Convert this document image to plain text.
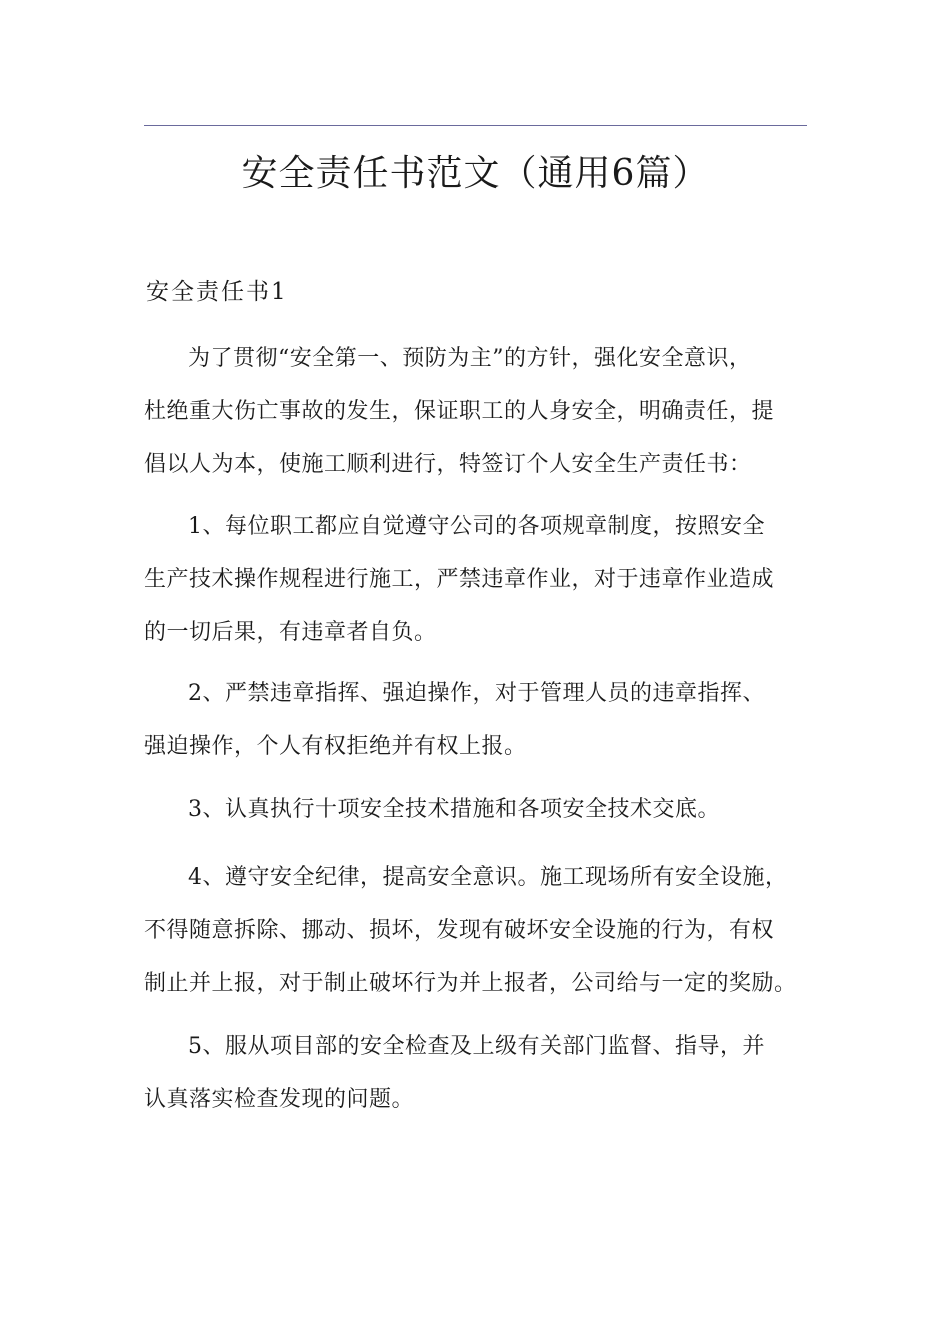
安全责任书范文（通用6篇）
安全责任书1
为了贯彻“安全第一、预防为主”的方针，强化安全意识，
杜绝重大伤亡事故的发生，保证职工的人身安全，明确责任，提
倡以人为本，使施工顺利进行，特签订个人安全生产责任书：
1、每位职工都应自觉遵守公司的各项规章制度，按照安全
生产技术操作规程进行施工，严禁违章作业，对于违章作业造成
的一切后果，有违章者自负。
2、严禁违章指挥、强迫操作，对于管理人员的违章指挥、
强迫操作，个人有权拒绝并有权上报。
3、认真执行十项安全技术措施和各项安全技术交底。
4、遵守安全纪律，提高安全意识。施工现场所有安全设施，
不得随意拆除、挪动、损坏，发现有破坏安全设施的行为，有权
制止并上报，对于制止破坏行为并上报者，公司给与一定的奖励。
5、服从项目部的安全检查及上级有关部门监督、指导，并
认真落实检查发现的问题。
